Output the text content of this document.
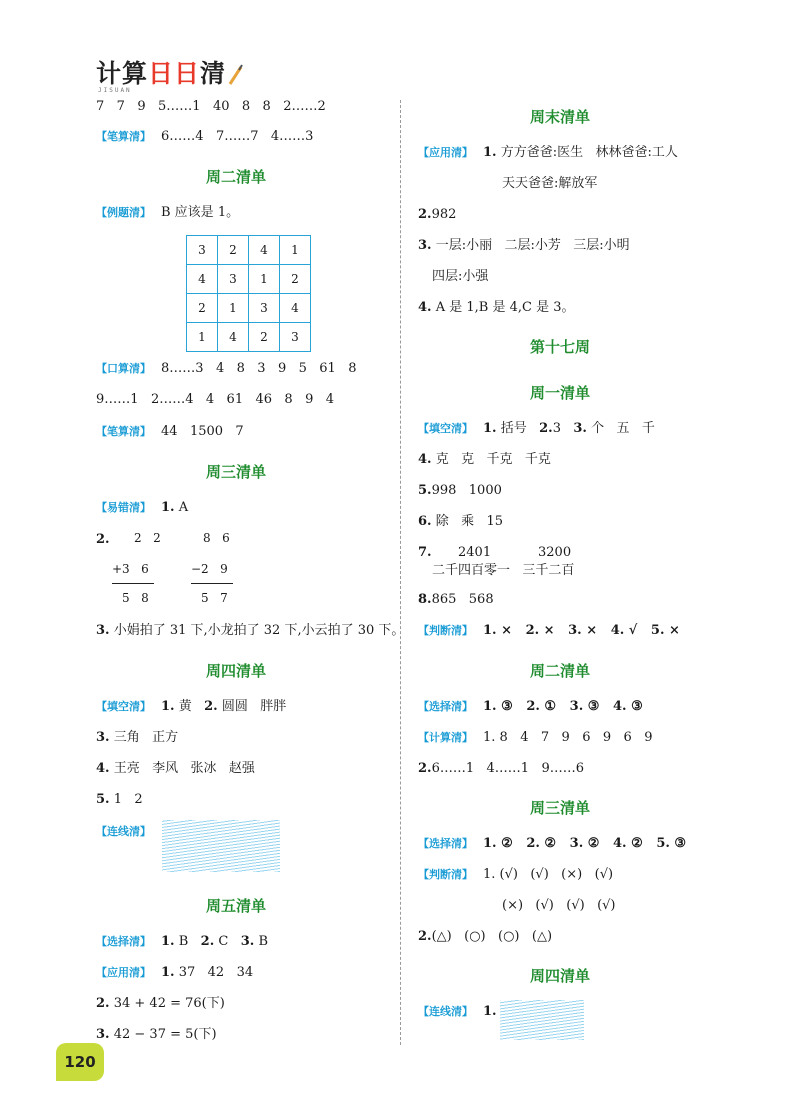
计算日日清
JISUAN
7   7   9   5……1   40   8   8   2……2
【笔算清】 6……4   7……7   4……3
周二清单
【例题清】 B 应该是 1。
3	2	4	1
4	3	1	2
2	1	3	4
1	4	2	3
【口算清】 8……3   4   8   3   9   5   61   8
9……1   2……4   4   61   46   8   9   4
【笔算清】 44   1500   7
周三清单
【易错清】 1. A
2. 2   2
+3   6
5   8
8   6
−2   9
5   7
3. 小娟拍了 31 下,小龙拍了 32 下,小云拍了 30 下。
周四清单
【填空清】 1. 黄   2. 圆圆   胖胖
3. 三角   正方
4. 王亮   李风   张冰   赵强
5. 1   2
【连线清】
周五清单
【选择清】 1. B   2. C   3. B
【应用清】 1. 37   42   34
2. 34 + 42 = 76(下)
3. 42 − 37 = 5(下)
周末清单
【应用清】 1. 方方爸爸:医生   林林爸爸:工人
天天爸爸:解放军
2.982
3. 一层:小丽   二层:小芳   三层:小明
四层:小强
4. A 是 1,B 是 4,C 是 3。
第十七周
周一清单
【填空清】 1. 括号   2.3   3. 个   五   千
4. 克   克   千克   千克
5.998   1000
6. 除   乘   15
7. 2401	3200
二千四百零一   三千二百
8.865   568
【判断清】 1. ×   2. ×   3. ×   4. √   5. ×
周二清单
【选择清】 1. ③   2. ①   3. ③   4. ③
【计算清】 1. 8   4   7   9   6   9   6   9
2.6……1   4……1   9……6
周三清单
【选择清】 1. ②   2. ②   3. ②   4. ②   5. ③
【判断清】 1. (√)   (√)   (×)   (√)
(×)   (√)   (√)   (√)
2.(△)   (○)   (○)   (△)
周四清单
【连线清】 1.
120
